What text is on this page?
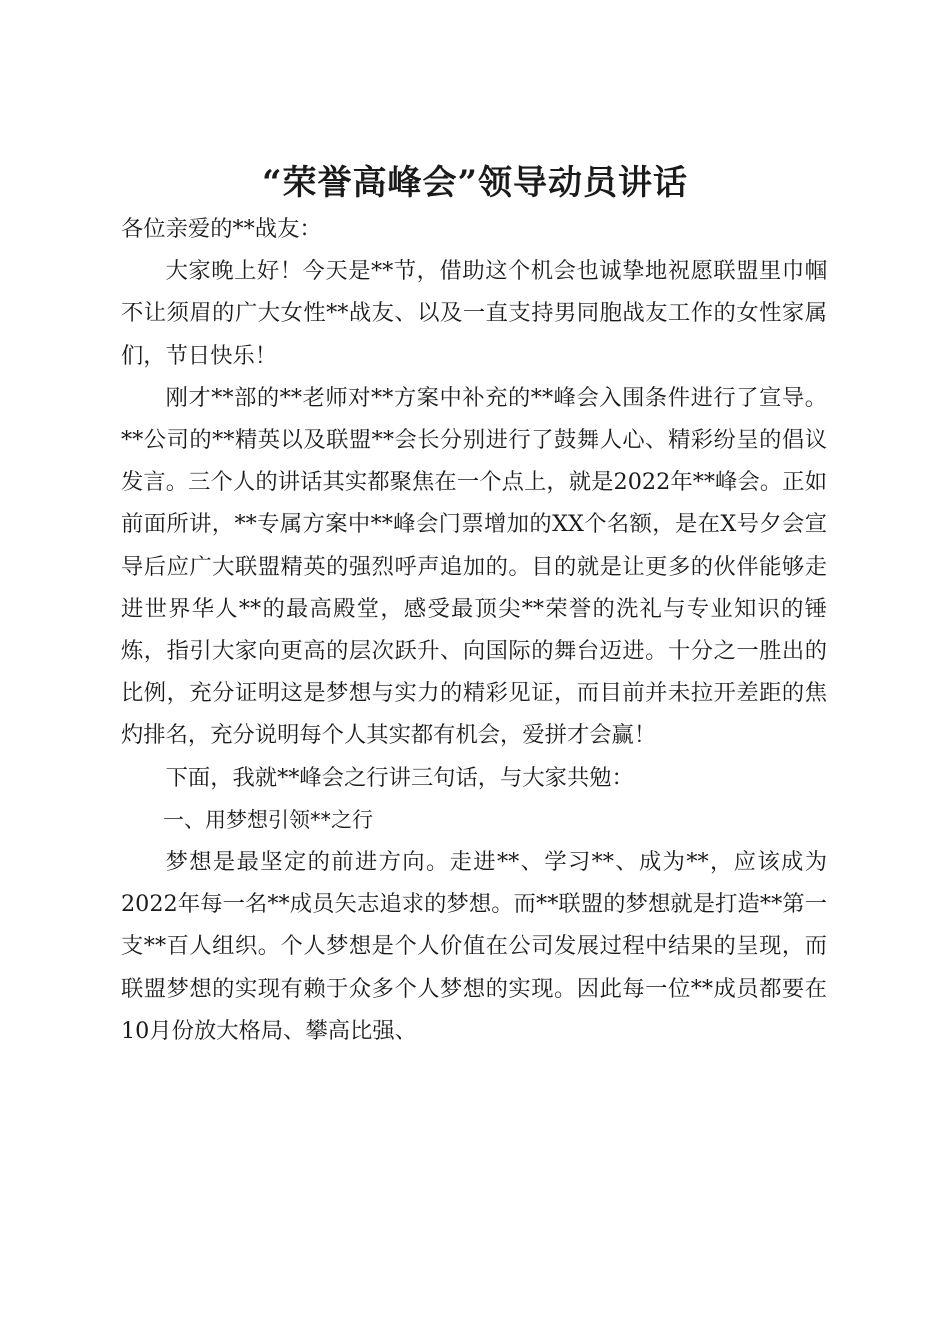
“荣誉高峰会”领导动员讲话

各位亲爱的**战友：

大家晚上好！今天是**节，借助这个机会也诚挚地祝愿联盟里巾帼不让须眉的广大女性**战友、以及一直支持男同胞战友工作的女性家属们，节日快乐！

刚才**部的**老师对**方案中补充的**峰会入围条件进行了宣导。**公司的**精英以及联盟**会长分别进行了鼓舞人心、精彩纷呈的倡议发言。三个人的讲话其实都聚焦在一个点上，就是2022年**峰会。正如前面所讲，**专属方案中**峰会门票增加的XX个名额，是在X号夕会宣导后应广大联盟精英的强烈呼声追加的。目的就是让更多的伙伴能够走进世界华人**的最高殿堂，感受最顶尖**荣誉的洗礼与专业知识的锤炼，指引大家向更高的层次跃升、向国际的舞台迈进。十分之一胜出的比例，充分证明这是梦想与实力的精彩见证，而目前并未拉开差距的焦灼排名，充分说明每个人其实都有机会，爱拼才会赢！

下面，我就**峰会之行讲三句话，与大家共勉：

一、用梦想引领**之行

梦想是最坚定的前进方向。走进**、学习**、成为**，应该成为2022年每一名**成员矢志追求的梦想。而**联盟的梦想就是打造**第一支**百人组织。个人梦想是个人价值在公司发展过程中结果的呈现，而联盟梦想的实现有赖于众多个人梦想的实现。因此每一位**成员都要在10月份放大格局、攀高比强、
